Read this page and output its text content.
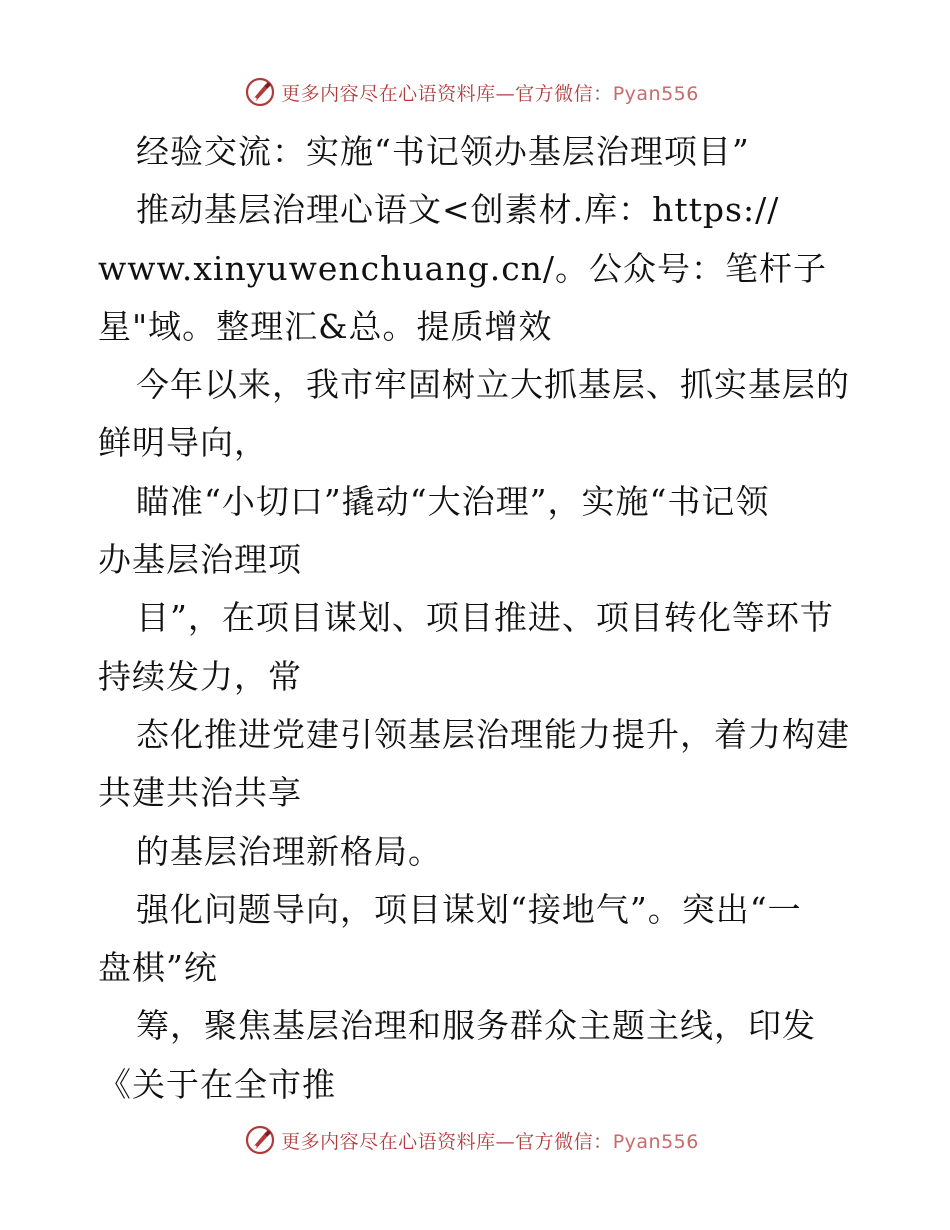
更多内容尽在心语资料库—官方微信：Pyan556
经验交流：实施“书记领办基层治理项目”
推动基层治理心语文<创素材.库：https://
www.xinyuwenchuang.cn/。公众号：笔杆子
星"域。整理汇&总。提质增效
今年以来，我市牢固树立大抓基层、抓实基层的
鲜明导向，
瞄准“小切口”撬动“大治理”，实施“书记领
办基层治理项
目”，在项目谋划、项目推进、项目转化等环节
持续发力，常
态化推进党建引领基层治理能力提升，着力构建
共建共治共享
的基层治理新格局。
强化问题导向，项目谋划“接地气”。突出“一
盘棋”统
筹，聚焦基层治理和服务群众主题主线，印发
《关于在全市推
更多内容尽在心语资料库—官方微信：Pyan556
